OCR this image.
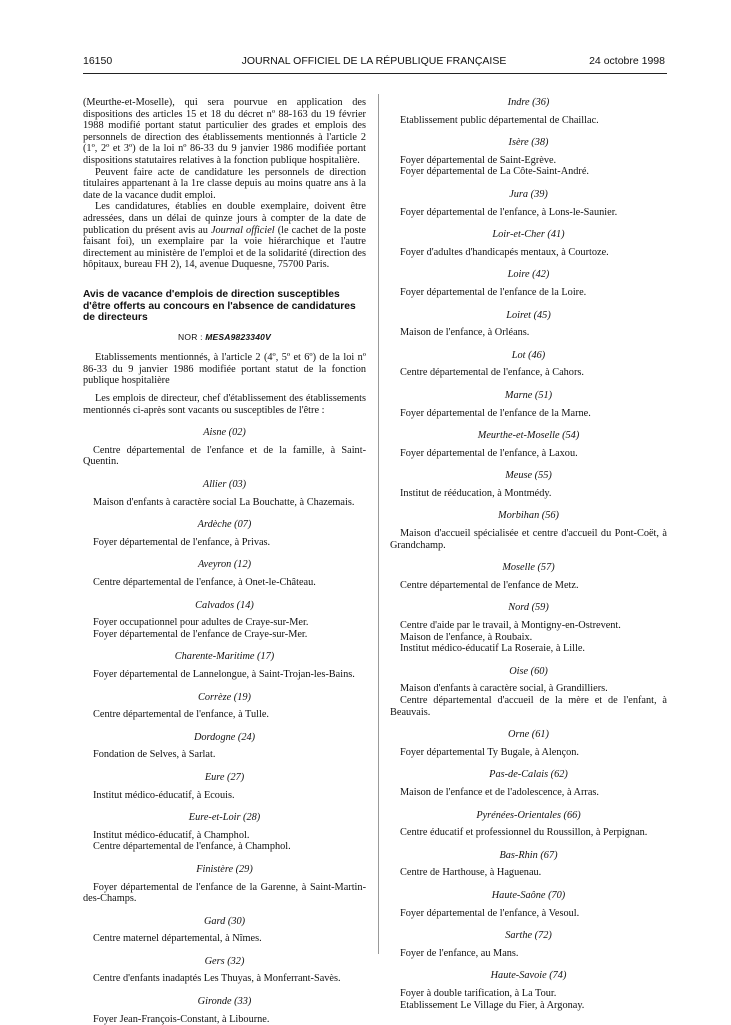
16150	JOURNAL OFFICIEL DE LA RÉPUBLIQUE FRANÇAISE	24 octobre 1998

(Meurthe-et-Moselle), qui sera pourvue en application des dispositions des articles 15 et 18 du décret nº 88-163 du 19 février 1988 modifié portant statut particulier des grades et emplois des personnels de direction des établissements mentionnés à l'article 2 (1º, 2º et 3º) de la loi nº 86-33 du 9 janvier 1986 modifiée portant dispositions statutaires relatives à la fonction publique hospitalière.

Peuvent faire acte de candidature les personnels de direction titulaires appartenant à la 1re classe depuis au moins quatre ans à la date de la vacance dudit emploi.

Les candidatures, établies en double exemplaire, doivent être adressées, dans un délai de quinze jours à compter de la date de publication du présent avis au Journal officiel (le cachet de la poste faisant foi), un exemplaire par la voie hiérarchique et l'autre directement au ministère de l'emploi et de la solidarité (direction des hôpitaux, bureau FH 2), 14, avenue Duquesne, 75700 Paris.

Avis de vacance d'emplois de direction susceptibles d'être offerts au concours en l'absence de candidatures de directeurs
NOR : MESA9823340V

Etablissements mentionnés, à l'article 2 (4º, 5º et 6º) de la loi nº 86-33 du 9 janvier 1986 modifiée portant statut de la fonction publique hospitalière

Les emplois de directeur, chef d'établissement des établissements mentionnés ci-après sont vacants ou susceptibles de l'être :

Aisne (02)

Centre départemental de l'enfance et de la famille, à Saint-Quentin.

Allier (03)

Maison d'enfants à caractère social La Bouchatte, à Chazemais.

Ardèche (07)

Foyer départemental de l'enfance, à Privas.

Aveyron (12)

Centre départemental de l'enfance, à Onet-le-Château.

Calvados (14)

Foyer occupationnel pour adultes de Craye-sur-Mer.

Foyer départemental de l'enfance de Craye-sur-Mer.

Charente-Maritime (17)

Foyer départemental de Lannelongue, à Saint-Trojan-les-Bains.

Corrèze (19)

Centre départemental de l'enfance, à Tulle.

Dordogne (24)

Fondation de Selves, à Sarlat.

Eure (27)

Institut médico-éducatif, à Ecouis.

Eure-et-Loir (28)

Institut médico-éducatif, à Champhol.

Centre départemental de l'enfance, à Champhol.

Finistère (29)

Foyer départemental de l'enfance de la Garenne, à Saint-Martin-des-Champs.

Gard (30)

Centre maternel départemental, à Nîmes.

Gers (32)

Centre d'enfants inadaptés Les Thuyas, à Monferrant-Savès.

Gironde (33)

Foyer Jean-François-Constant, à Libourne.

Indre (36)

Etablissement public départemental de Chaillac.

Isère (38)

Foyer départemental de Saint-Egrève.

Foyer départemental de La Côte-Saint-André.

Jura (39)

Foyer départemental de l'enfance, à Lons-le-Saunier.

Loir-et-Cher (41)

Foyer d'adultes d'handicapés mentaux, à Courtoze.

Loire (42)

Foyer départemental de l'enfance de la Loire.

Loiret (45)

Maison de l'enfance, à Orléans.

Lot (46)

Centre départemental de l'enfance, à Cahors.

Marne (51)

Foyer départemental de l'enfance de la Marne.

Meurthe-et-Moselle (54)

Foyer départemental de l'enfance, à Laxou.

Meuse (55)

Institut de rééducation, à Montmédy.

Morbihan (56)

Maison d'accueil spécialisée et centre d'accueil du Pont-Coët, à Grandchamp.

Moselle (57)

Centre départemental de l'enfance de Metz.

Nord (59)

Centre d'aide par le travail, à Montigny-en-Ostrevent.

Maison de l'enfance, à Roubaix.

Institut médico-éducatif La Roseraie, à Lille.

Oise (60)

Maison d'enfants à caractère social, à Grandilliers.

Centre départemental d'accueil de la mère et de l'enfant, à Beauvais.

Orne (61)

Foyer départemental Ty Bugale, à Alençon.

Pas-de-Calais (62)

Maison de l'enfance et de l'adolescence, à Arras.

Pyrénées-Orientales (66)

Centre éducatif et professionnel du Roussillon, à Perpignan.

Bas-Rhin (67)

Centre de Harthouse, à Haguenau.

Haute-Saône (70)

Foyer départemental de l'enfance, à Vesoul.

Sarthe (72)

Foyer de l'enfance, au Mans.

Haute-Savoie (74)

Foyer à double tarification, à La Tour.

Etablissement Le Village du Fier, à Argonay.
